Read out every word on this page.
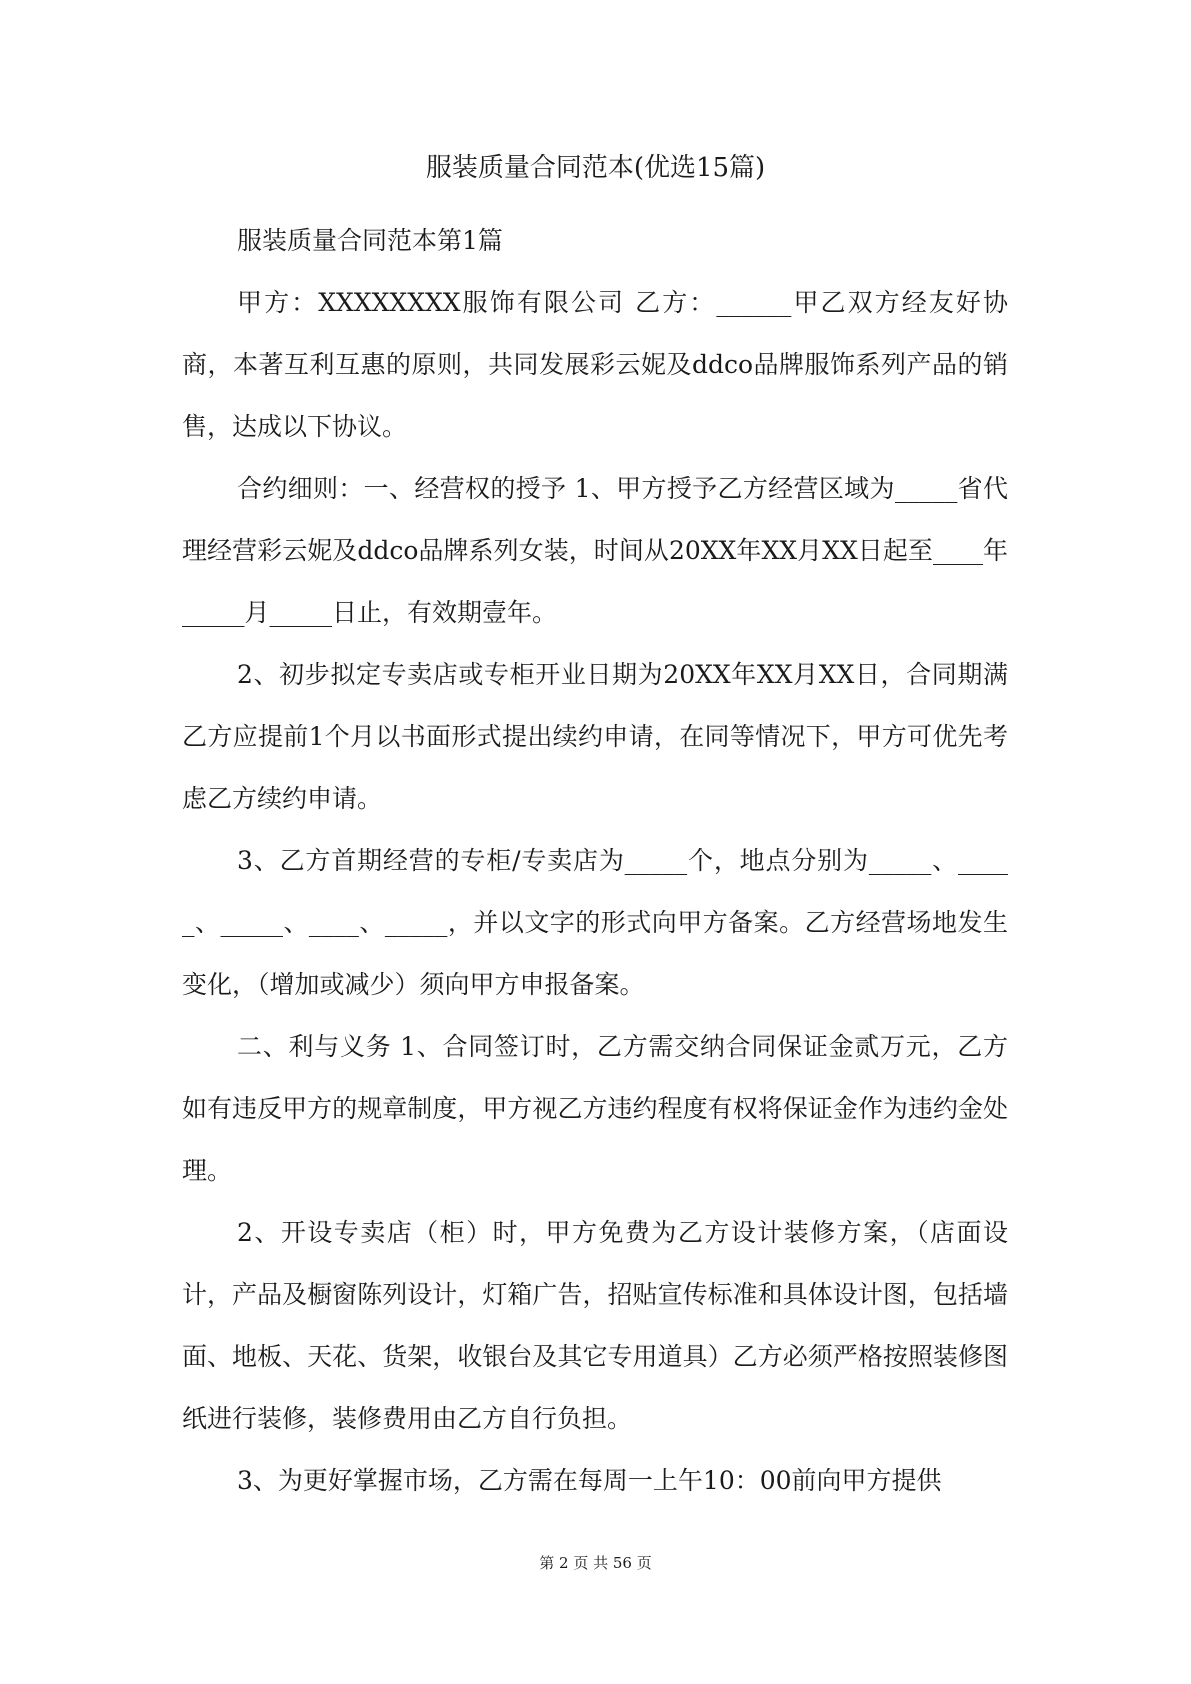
服装质量合同范本(优选15篇)

服装质量合同范本第1篇

甲方：XXXXXXXX服饰有限公司 乙方：______甲乙双方经友好协商，本著互利互惠的原则，共同发展彩云妮及ddco品牌服饰系列产品的销售，达成以下协议。

合约细则：一、经营权的授予 1、甲方授予乙方经营区域为_____省代理经营彩云妮及ddco品牌系列女装，时间从20XX年XX月XX日起至____年_____月_____日止，有效期壹年。

2、初步拟定专卖店或专柜开业日期为20XX年XX月XX日，合同期满乙方应提前1个月以书面形式提出续约申请，在同等情况下，甲方可优先考虑乙方续约申请。

3、乙方首期经营的专柜/专卖店为_____个，地点分别为_____、_____、_____、____、_____，并以文字的形式向甲方备案。乙方经营场地发生变化，（增加或减少）须向甲方申报备案。

二、利与义务 1、合同签订时，乙方需交纳合同保证金贰万元，乙方如有违反甲方的规章制度，甲方视乙方违约程度有权将保证金作为违约金处理。

2、开设专卖店（柜）时，甲方免费为乙方设计装修方案，（店面设计，产品及橱窗陈列设计，灯箱广告，招贴宣传标准和具体设计图，包括墙面、地板、天花、货架，收银台及其它专用道具）乙方必须严格按照装修图纸进行装修，装修费用由乙方自行负担。

3、为更好掌握市场，乙方需在每周一上午10：00前向甲方提供

第 2 页 共 56 页
